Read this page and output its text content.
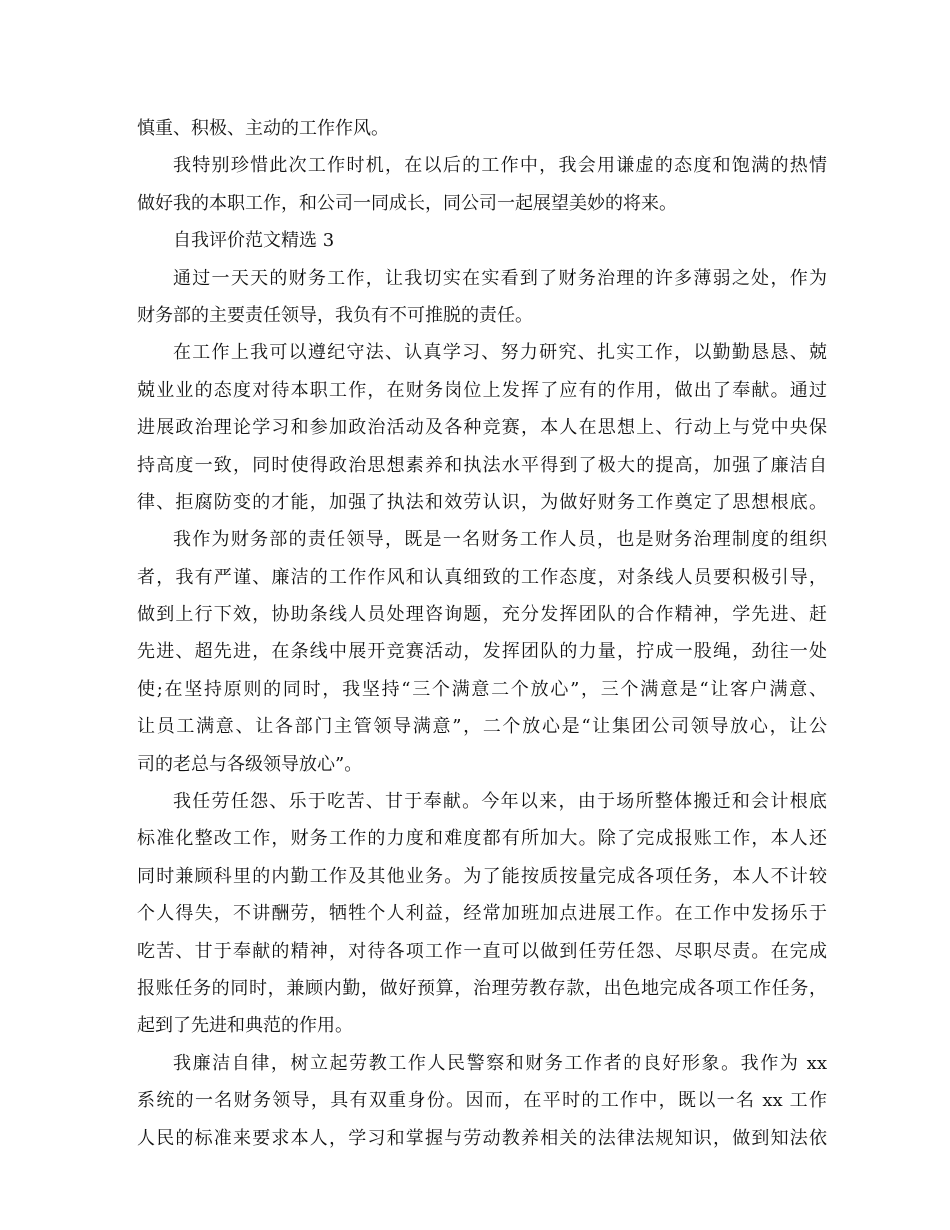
慎重、积极、主动的工作作风。
我特别珍惜此次工作时机，在以后的工作中，我会用谦虚的态度和饱满的热情
做好我的本职工作，和公司一同成长，同公司一起展望美妙的将来。
自我评价范文精选 3
通过一天天的财务工作，让我切实在实看到了财务治理的许多薄弱之处，作为
财务部的主要责任领导，我负有不可推脱的责任。
在工作上我可以遵纪守法、认真学习、努力研究、扎实工作，以勤勤恳恳、兢
兢业业的态度对待本职工作，在财务岗位上发挥了应有的作用，做出了奉献。通过
进展政治理论学习和参加政治活动及各种竞赛，本人在思想上、行动上与党中央保
持高度一致，同时使得政治思想素养和执法水平得到了极大的提高，加强了廉洁自
律、拒腐防变的才能，加强了执法和效劳认识，为做好财务工作奠定了思想根底。
我作为财务部的责任领导，既是一名财务工作人员，也是财务治理制度的组织
者，我有严谨、廉洁的工作作风和认真细致的工作态度，对条线人员要积极引导，
做到上行下效，协助条线人员处理咨询题，充分发挥团队的合作精神，学先进、赶
先进、超先进，在条线中展开竞赛活动，发挥团队的力量，拧成一股绳，劲往一处
使;在坚持原则的同时，我坚持“三个满意二个放心”，三个满意是“让客户满意、
让员工满意、让各部门主管领导满意”，二个放心是“让集团公司领导放心，让公
司的老总与各级领导放心”。
我任劳任怨、乐于吃苦、甘于奉献。今年以来，由于场所整体搬迁和会计根底
标准化整改工作，财务工作的力度和难度都有所加大。除了完成报账工作，本人还
同时兼顾科里的内勤工作及其他业务。为了能按质按量完成各项任务，本人不计较
个人得失，不讲酬劳，牺牲个人利益，经常加班加点进展工作。在工作中发扬乐于
吃苦、甘于奉献的精神，对待各项工作一直可以做到任劳任怨、尽职尽责。在完成
报账任务的同时，兼顾内勤，做好预算，治理劳教存款，出色地完成各项工作任务，
起到了先进和典范的作用。
我廉洁自律，树立起劳教工作人民警察和财务工作者的良好形象。我作为 xx
系统的一名财务领导，具有双重身份。因而，在平时的工作中，既以一名 xx 工作
人民的标准来要求本人，学习和掌握与劳动教养相关的法律法规知识，做到知法依
